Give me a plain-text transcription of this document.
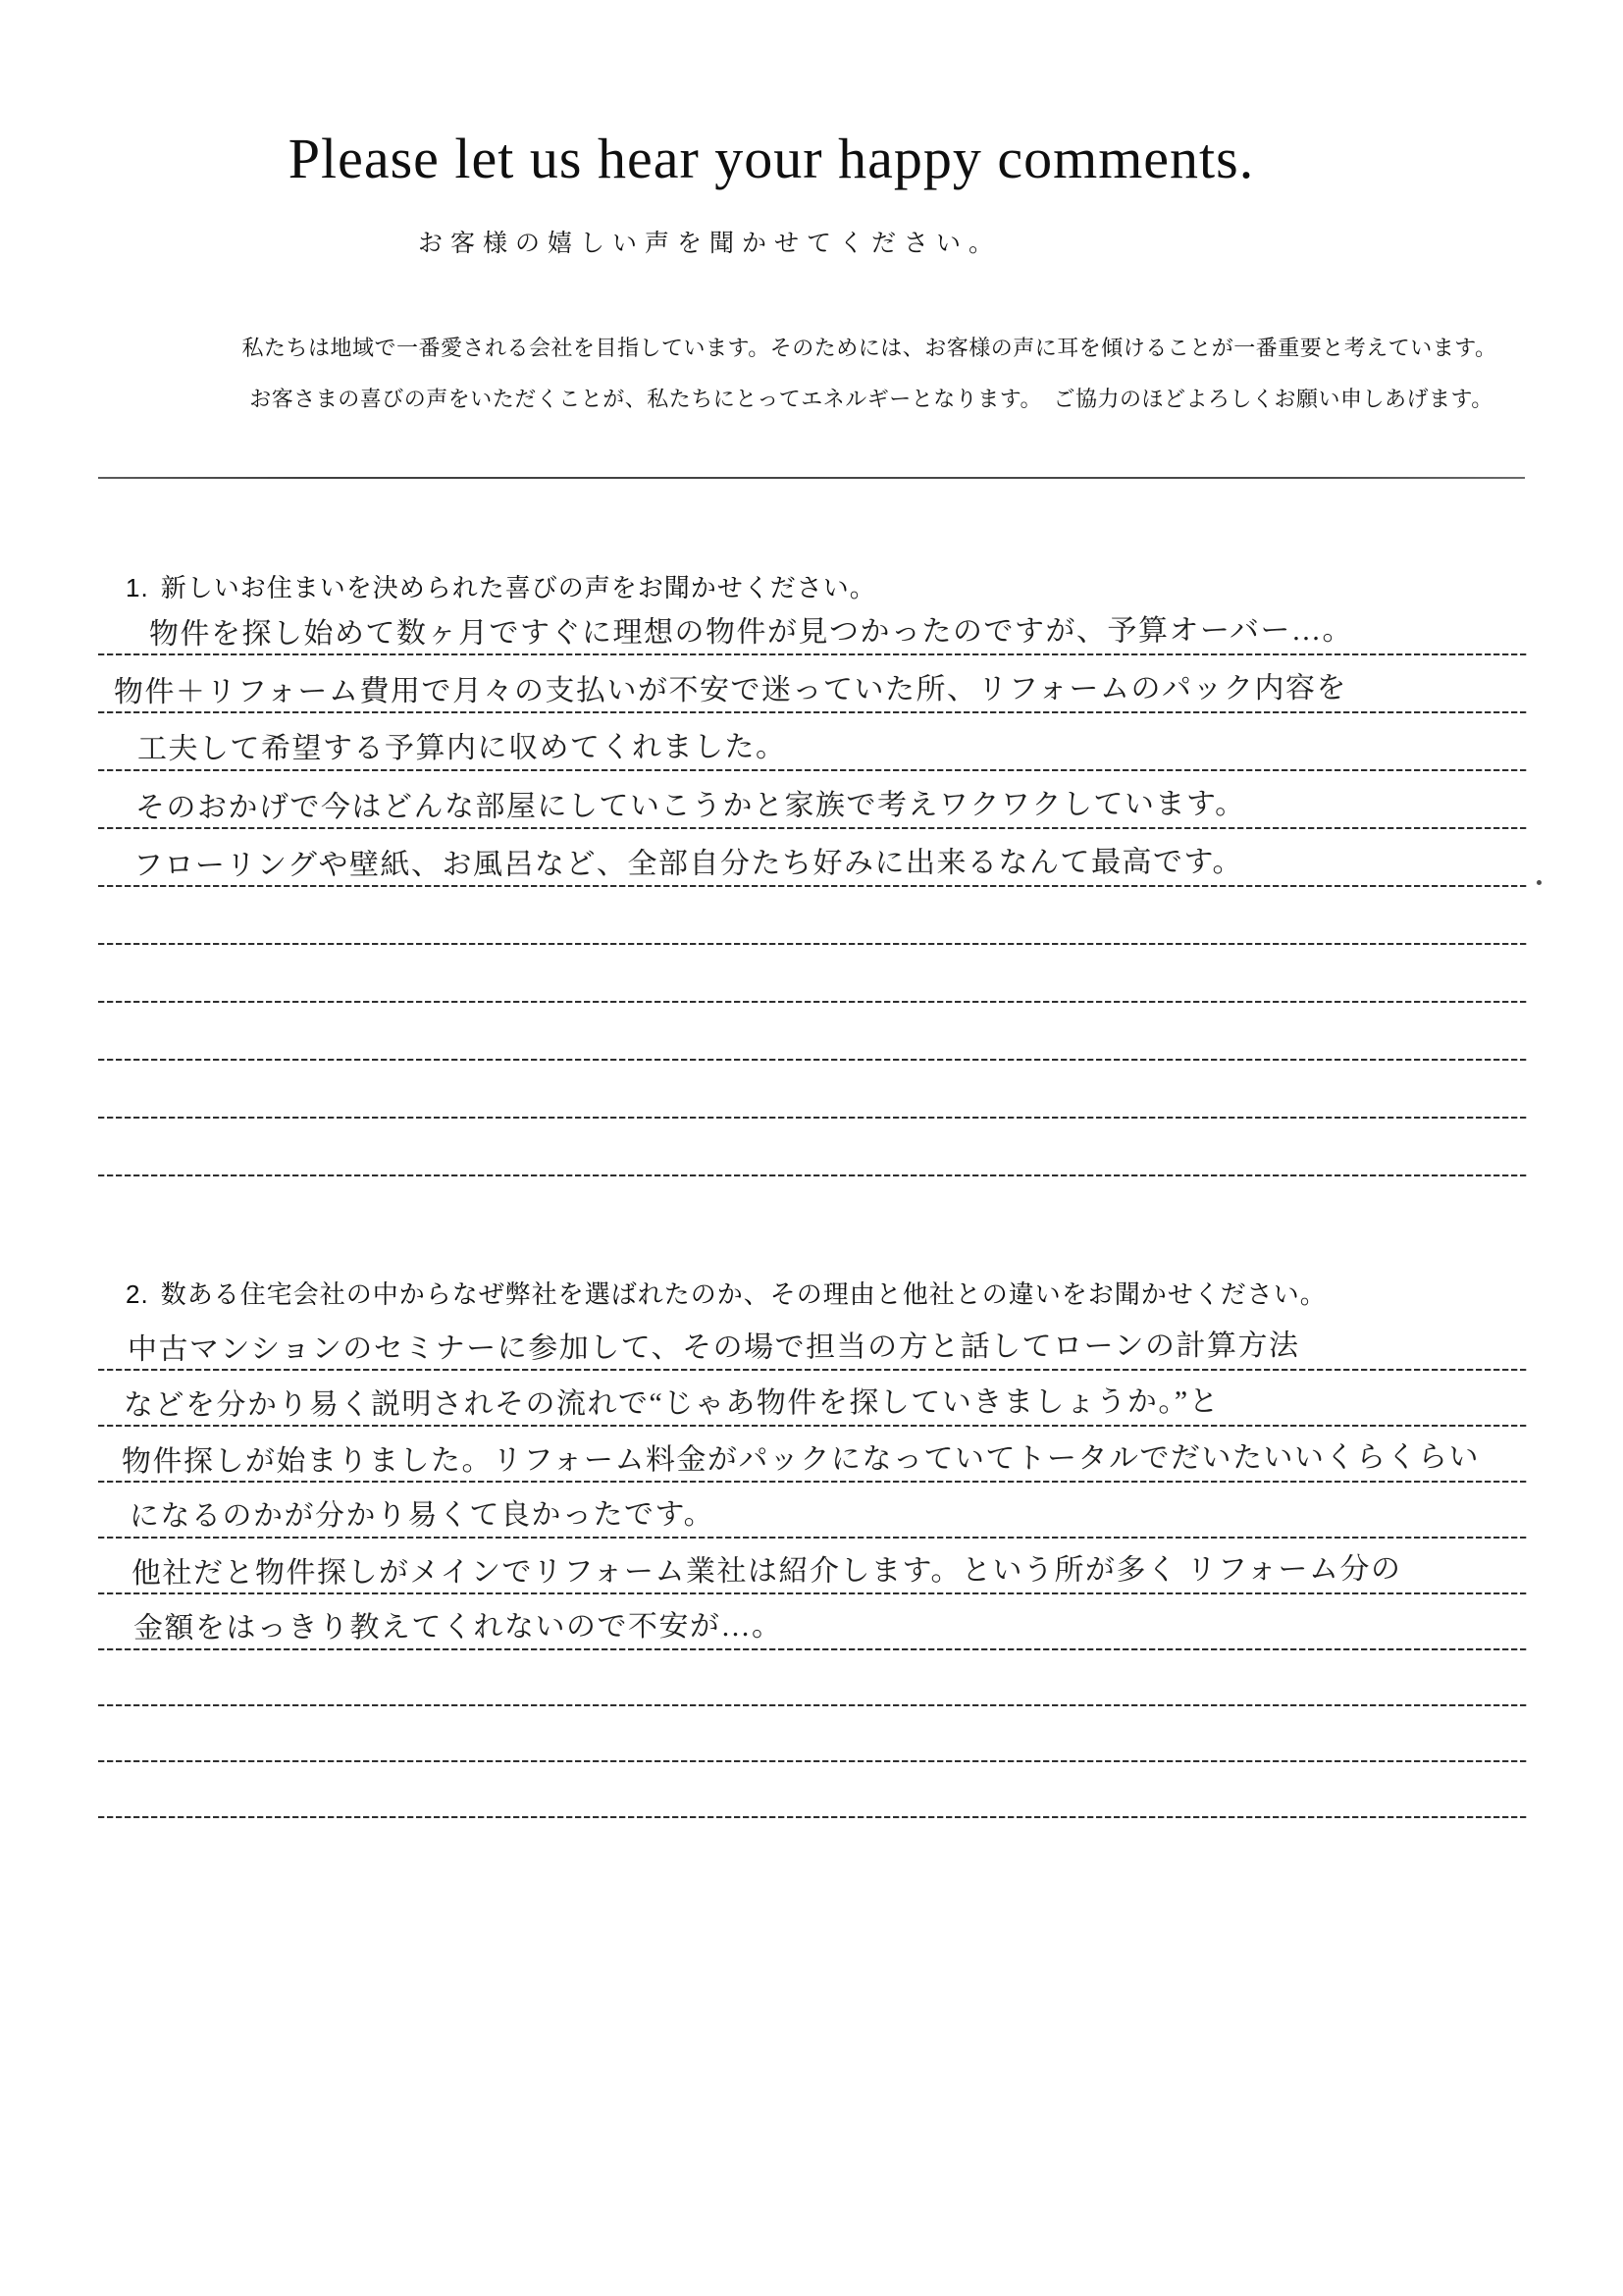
Please let us hear your happy comments.
お客様の嬉しい声を聞かせてください。

私たちは地域で一番愛される会社を目指しています。そのためには、お客様の声に耳を傾けることが一番重要と考えています。

お客さまの喜びの声をいただくことが、私たちにとってエネルギーとなります。　ご協力のほどよろしくお願い申しあげます。

1. 新しいお住まいを決められた喜びの声をお聞かせください。
物件を探し始めて数ヶ月ですぐに理想の物件が見つかったのですが、予算オーバー…。
物件＋リフォーム費用で月々の支払いが不安で迷っていた所、リフォームのパック内容を
工夫して希望する予算内に収めてくれました。
そのおかげで今はどんな部屋にしていこうかと家族で考えワクワクしています。
フローリングや壁紙、お風呂など、全部自分たち好みに出来るなんて最高です。
2. 数ある住宅会社の中からなぜ弊社を選ばれたのか、その理由と他社との違いをお聞かせください。
中古マンションのセミナーに参加して、その場で担当の方と話してローンの計算方法
などを分かり易く説明されその流れで“じゃあ物件を探していきましょうか。”と
物件探しが始まりました。リフォーム料金がパックになっていてトータルでだいたいいくらくらい
になるのかが分かり易くて良かったです。
他社だと物件探しがメインでリフォーム業社は紹介します。という所が多く リフォーム分の
金額をはっきり教えてくれないので不安が…。
